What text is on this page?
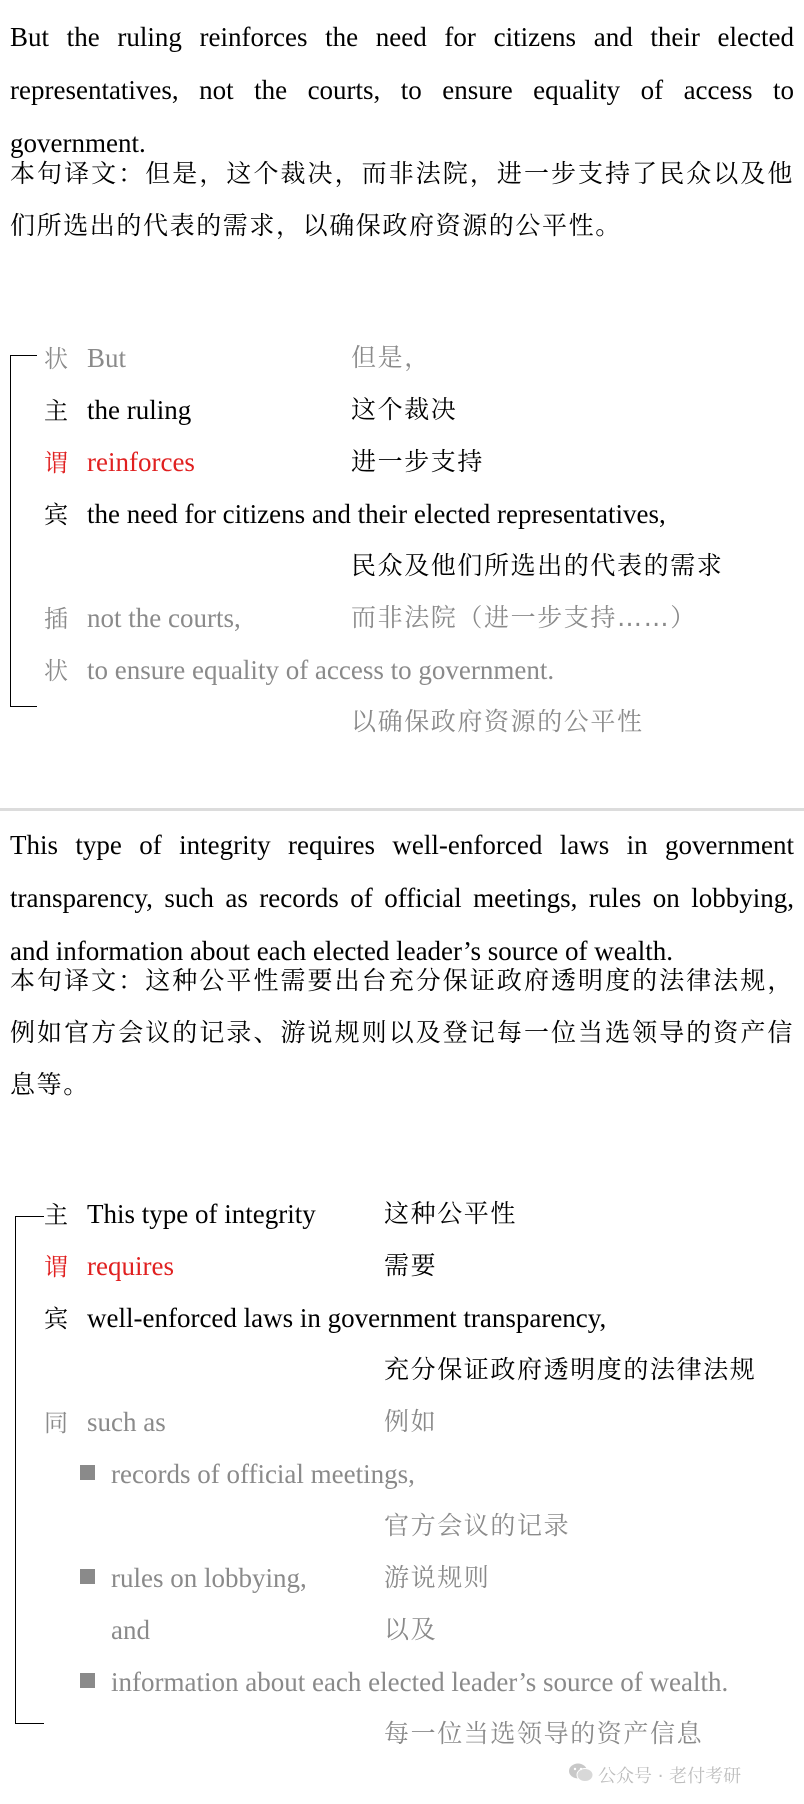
But the ruling reinforces the need for citizens and their elected representatives, not the courts, to ensure equality of access to government.

本句译文：但是，这个裁决，而非法院，进一步支持了民众以及他们所选出的代表的需求，以确保政府资源的公平性。

状 But	但是，
主 the ruling	这个裁决
谓 reinforces	进一步支持
宾 the need for citizens and their elected representatives,
民众及他们所选出的代表的需求
插 not the courts,	而非法院（进一步支持……）
状 to ensure equality of access to government.
以确保政府资源的公平性

This type of integrity requires well-enforced laws in government transparency, such as records of official meetings, rules on lobbying, and information about each elected leader’s source of wealth.

本句译文：这种公平性需要出台充分保证政府透明度的法律法规，例如官方会议的记录、游说规则以及登记每一位当选领导的资产信息等。

主 This type of integrity	这种公平性
谓 requires	需要
宾 well-enforced laws in government transparency,
充分保证政府透明度的法律法规
同 such as	例如
records of official meetings,
官方会议的记录
rules on lobbying,	游说规则
and	以及
information about each elected leader’s source of wealth.
每一位当选领导的资产信息
公众号 · 老付考研
